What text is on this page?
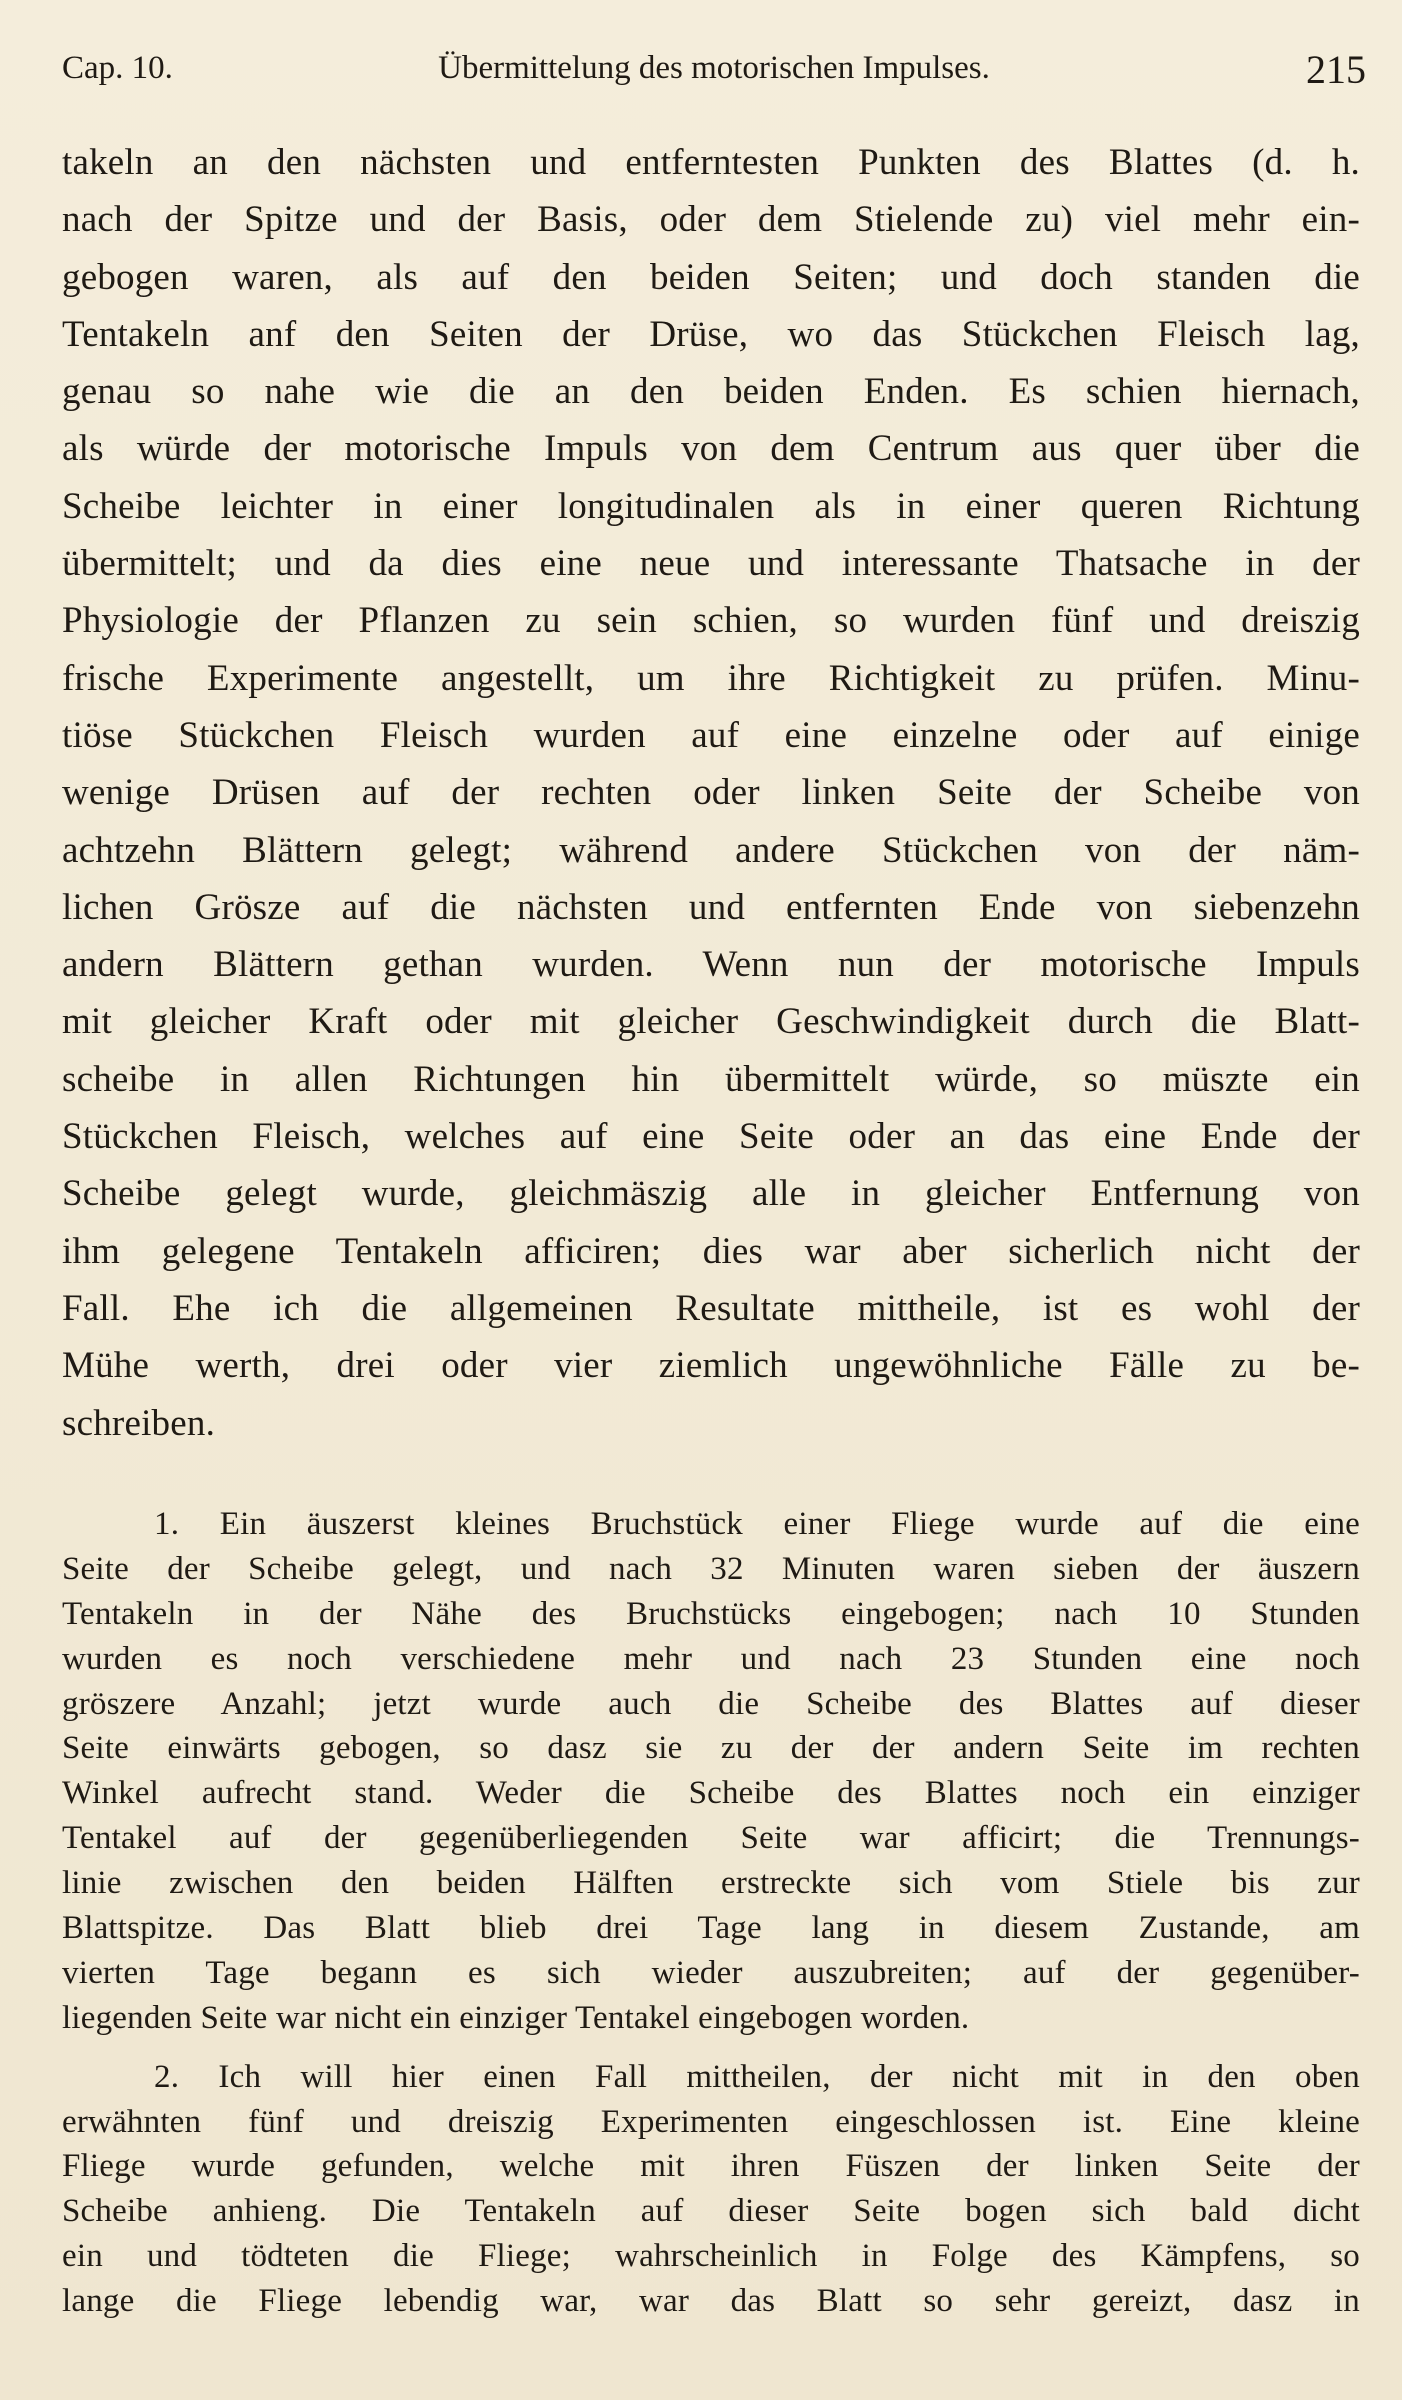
Cap. 10.	Übermittelung des motorischen Impulses.	215
takeln an den nächsten und entferntesten Punkten des Blattes (d. h.
nach der Spitze und der Basis, oder dem Stielende zu) viel mehr ein-
gebogen waren, als auf den beiden Seiten; und doch standen die
Tentakeln anf den Seiten der Drüse, wo das Stückchen Fleisch lag,
genau so nahe wie die an den beiden Enden. Es schien hiernach,
als würde der motorische Impuls von dem Centrum aus quer über die
Scheibe leichter in einer longitudinalen als in einer queren Richtung
übermittelt; und da dies eine neue und interessante Thatsache in der
Physiologie der Pflanzen zu sein schien, so wurden fünf und dreiszig
frische Experimente angestellt, um ihre Richtigkeit zu prüfen. Minu-
tiöse Stückchen Fleisch wurden auf eine einzelne oder auf einige
wenige Drüsen auf der rechten oder linken Seite der Scheibe von
achtzehn Blättern gelegt; während andere Stückchen von der näm-
lichen Grösze auf die nächsten und entfernten Ende von siebenzehn
andern Blättern gethan wurden. Wenn nun der motorische Impuls
mit gleicher Kraft oder mit gleicher Geschwindigkeit durch die Blatt-
scheibe in allen Richtungen hin übermittelt würde, so müszte ein
Stückchen Fleisch, welches auf eine Seite oder an das eine Ende der
Scheibe gelegt wurde, gleichmäszig alle in gleicher Entfernung von
ihm gelegene Tentakeln afficiren; dies war aber sicherlich nicht der
Fall. Ehe ich die allgemeinen Resultate mittheile, ist es wohl der
Mühe werth, drei oder vier ziemlich ungewöhnliche Fälle zu be-
schreiben.
1. Ein äuszerst kleines Bruchstück einer Fliege wurde auf die eine
Seite der Scheibe gelegt, und nach 32 Minuten waren sieben der äuszern
Tentakeln in der Nähe des Bruchstücks eingebogen; nach 10 Stunden
wurden es noch verschiedene mehr und nach 23 Stunden eine noch
gröszere Anzahl; jetzt wurde auch die Scheibe des Blattes auf dieser
Seite einwärts gebogen, so dasz sie zu der der andern Seite im rechten
Winkel aufrecht stand. Weder die Scheibe des Blattes noch ein einziger
Tentakel auf der gegenüberliegenden Seite war afficirt; die Trennungs-
linie zwischen den beiden Hälften erstreckte sich vom Stiele bis zur
Blattspitze. Das Blatt blieb drei Tage lang in diesem Zustande, am
vierten Tage begann es sich wieder auszubreiten; auf der gegenüber-
liegenden Seite war nicht ein einziger Tentakel eingebogen worden.
2. Ich will hier einen Fall mittheilen, der nicht mit in den oben
erwähnten fünf und dreiszig Experimenten eingeschlossen ist. Eine kleine
Fliege wurde gefunden, welche mit ihren Füszen der linken Seite der
Scheibe anhieng. Die Tentakeln auf dieser Seite bogen sich bald dicht
ein und tödteten die Fliege; wahrscheinlich in Folge des Kämpfens, so
lange die Fliege lebendig war, war das Blatt so sehr gereizt, dasz in
